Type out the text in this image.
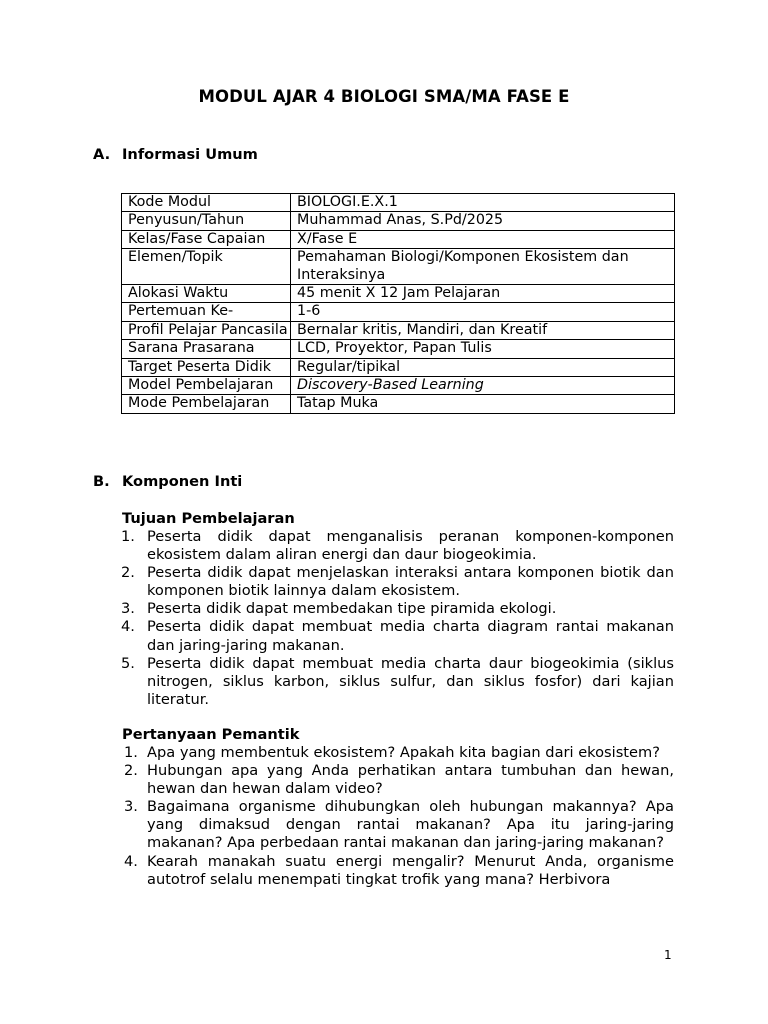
MODUL AJAR 4 BIOLOGI SMA/MA FASE E
A. Informasi Umum
Kode Modul	BIOLOGI.E.X.1
Penyusun/Tahun	Muhammad Anas, S.Pd/2025
Kelas/Fase Capaian	X/Fase E
Elemen/Topik	Pemahaman Biologi/Komponen Ekosistem dan Interaksinya
Alokasi Waktu	45 menit X 12 Jam Pelajaran
Pertemuan Ke-	1-6
Profil Pelajar Pancasila	Bernalar kritis, Mandiri, dan Kreatif
Sarana Prasarana	LCD, Proyektor, Papan Tulis
Target Peserta Didik	Regular/tipikal
Model Pembelajaran	Discovery-Based Learning
Mode Pembelajaran	Tatap Muka
B. Komponen Inti
Tujuan Pembelajaran
1. Peserta didik dapat menganalisis peranan komponen-komponen ekosistem dalam aliran energi dan daur biogeokimia.
2. Peserta didik dapat menjelaskan interaksi antara komponen biotik dan komponen biotik lainnya dalam ekosistem.
3. Peserta didik dapat membedakan tipe piramida ekologi.
4. Peserta didik dapat membuat media charta diagram rantai makanan dan jaring-jaring makanan.
5. Peserta didik dapat membuat media charta daur biogeokimia (siklus nitrogen, siklus karbon, siklus sulfur, dan siklus fosfor) dari kajian literatur.
Pertanyaan Pemantik
1. Apa yang membentuk ekosistem? Apakah kita bagian dari ekosistem?
2. Hubungan apa yang Anda perhatikan antara tumbuhan dan hewan, hewan dan hewan dalam video?
3. Bagaimana organisme dihubungkan oleh hubungan makannya? Apa yang dimaksud dengan rantai makanan? Apa itu jaring-jaring makanan? Apa perbedaan rantai makanan dan jaring-jaring makanan?
4. Kearah manakah suatu energi mengalir? Menurut Anda, organisme autotrof selalu menempati tingkat trofik yang mana? Herbivora
1
